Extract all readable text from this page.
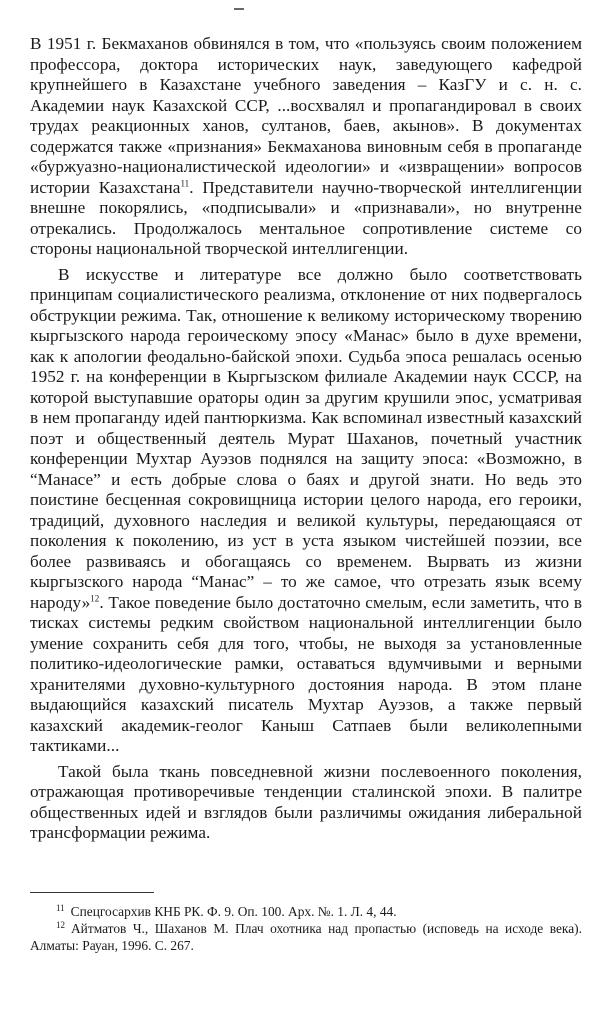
В 1951 г. Бекмаханов обвинялся в том, что «пользуясь своим положением профессора, доктора исторических наук, заведующего кафедрой крупнейшего в Казахстане учебного заведения – КазГУ и с. н. с. Академии наук Казахской ССР, ...восхвалял и пропагандировал в своих трудах реакционных ханов, султанов, баев, акынов». В документах содержатся также «признания» Бекмаханова виновным себя в пропаганде «буржуазно-националистической идеологии» и «извращении» вопросов истории Казахстана$^{11}$. Представители научно-творческой интеллигенции внешне покорялись, «подписывали» и «признавали», но внутренне отрекались. Продолжалось ментальное сопротивление системе со стороны национальной творческой интеллигенции.

В искусстве и литературе все должно было соответствовать принципам социалистического реализма, отклонение от них подвергалось обструкции режима. Так, отношение к великому историческому творению кыргызского народа героическому эпосу «Манас» было в духе времени, как к апологии феодально-байской эпохи. Судьба эпоса решалась осенью 1952 г. на конференции в Кыргызском филиале Академии наук СССР, на которой выступавшие ораторы один за другим крушили эпос, усматривая в нем пропаганду идей пантюркизма. Как вспоминал известный казахский поэт и общественный деятель Мурат Шаханов, почетный участник конференции Мухтар Ауэзов поднялся на защиту эпоса: «Возможно, в “Манасе” и есть добрые слова о баях и другой знати. Но ведь это поистине бесценная сокровищница истории целого народа, его героики, традиций, духовного наследия и великой культуры, передающаяся от поколения к поколению, из уст в уста языком чистейшей поэзии, все более развиваясь и обогащаясь со временем. Вырвать из жизни кыргызского народа “Манас” – то же самое, что отрезать язык всему народу»$^{12}$. Такое поведение было достаточно смелым, если заметить, что в тисках системы редким свойством национальной интеллигенции было умение сохранить себя для того, чтобы, не выходя за установленные политико-идеологические рамки, оставаться вдумчивыми и верными хранителями духовно-культурного достояния народа. В этом плане выдающийся казахский писатель Мухтар Ауэзов, а также первый казахский академик-геолог Каныш Сатпаев были великолепными тактиками...

Такой была ткань повседневной жизни послевоенного поколения, отражающая противоречивые тенденции сталинской эпохи. В палитре общественных идей и взглядов были различимы ожидания либеральной трансформации режима.

$^{11}$ Спецгосархив КНБ РК. Ф. 9. Оп. 100. Арх. №. 1. Л. 4, 44.

$^{12}$ Айтматов Ч., Шаханов М. Плач охотника над пропастью (исповедь на исходе века). Алматы: Рауан, 1996. С. 267.
